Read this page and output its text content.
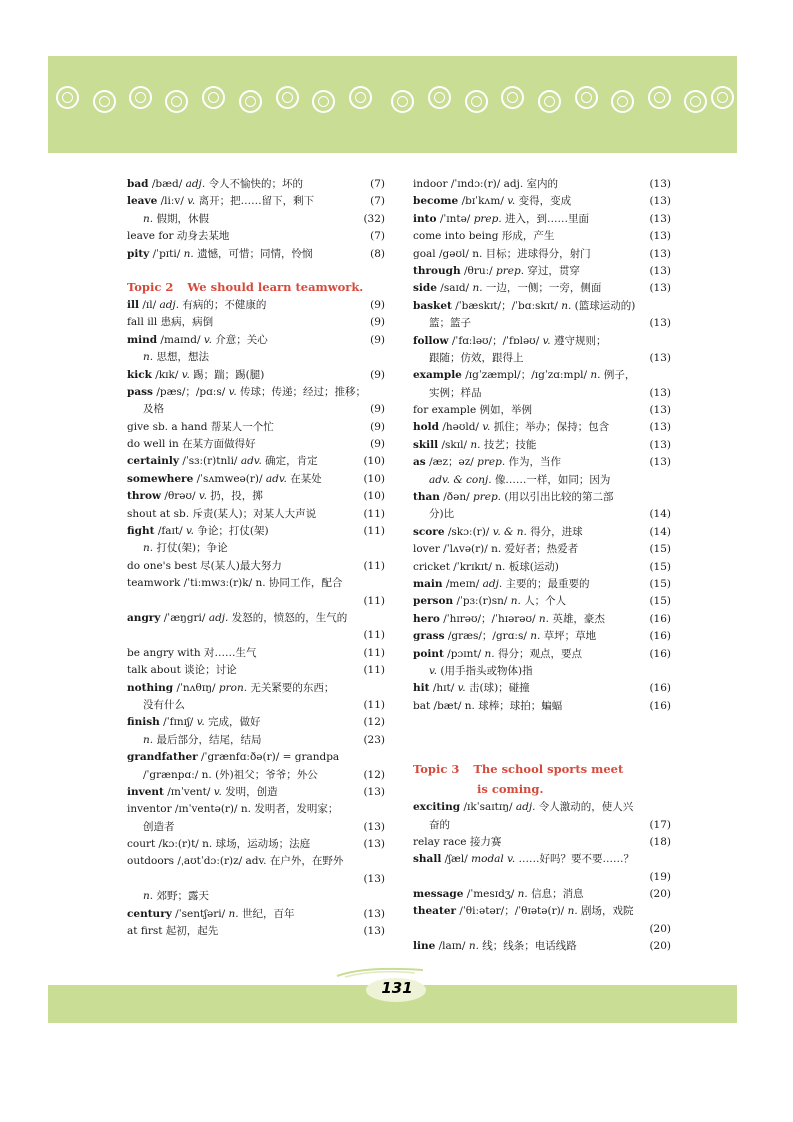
bad /bæd/ adj. 令人不愉快的；坏的	(7)
leave /liːv/ v. 离开；把……留下，剩下	(7)
n. 假期，休假	(32)
leave for 动身去某地	(7)
pity /ˈpɪti/ n. 遗憾，可惜；同情，怜悯	(8)
Topic 2 We should learn teamwork.
ill /ɪl/ adj. 有病的；不健康的	(9)
fall ill 患病，病倒	(9)
mind /maɪnd/ v. 介意；关心	(9)
n. 思想，想法
kick /kɪk/ v. 踢；踹；踢(腿)	(9)
pass /pæs/；/pɑːs/ v. 传球；传递；经过；推移；
及格	(9)
give sb. a hand 帮某人一个忙	(9)
do well in 在某方面做得好	(9)
certainly /ˈsɜː(r)tnli/ adv. 确定，肯定	(10)
somewhere /ˈsʌmweə(r)/ adv. 在某处	(10)
throw /θrəʊ/ v. 扔，投，掷	(10)
shout at sb. 斥责(某人)；对某人大声说	(11)
fight /faɪt/ v. 争论；打仗(架)	(11)
n. 打仗(架)；争论
do one's best 尽(某人)最大努力	(11)
teamwork /ˈtiːmwɜː(r)k/ n. 协同工作，配合
(11)
angry /ˈæŋgri/ adj. 发怒的，愤怒的，生气的
(11)
be angry with 对……生气	(11)
talk about 谈论；讨论	(11)
nothing /ˈnʌθɪŋ/ pron. 无关紧要的东西；
没有什么	(11)
finish /ˈfɪnɪʃ/ v. 完成，做好	(12)
n. 最后部分，结尾，结局	(23)
grandfather /ˈgrænfɑːðə(r)/ = grandpa
/ˈgrænpɑː/ n. (外)祖父；爷爷；外公	(12)
invent /ɪnˈvent/ v. 发明，创造	(13)
inventor /ɪnˈventə(r)/ n. 发明者，发明家；
创造者	(13)
court /kɔː(r)t/ n. 球场，运动场；法庭	(13)
outdoors /ˌaʊtˈdɔː(r)z/ adv. 在户外，在野外
(13)
n. 郊野；露天
century /ˈsentʃəri/ n. 世纪，百年	(13)
at first 起初，起先	(13)
indoor /ˈɪndɔː(r)/ adj. 室内的	(13)
become /bɪˈkʌm/ v. 变得，变成	(13)
into /ˈɪntə/ prep. 进入，到……里面	(13)
come into being 形成，产生	(13)
goal /gəʊl/ n. 目标；进球得分，射门	(13)
through /θruː/ prep. 穿过，贯穿	(13)
side /saɪd/ n. 一边，一侧；一旁，侧面	(13)
basket /ˈbæskɪt/；/ˈbɑːskɪt/ n. (篮球运动的)
篮；篮子	(13)
follow /ˈfɑːləʊ/；/ˈfɒləʊ/ v. 遵守规则；
跟随；仿效，跟得上	(13)
example /ɪgˈzæmpl/；/ɪgˈzɑːmpl/ n. 例子，
实例；样品	(13)
for example 例如，举例	(13)
hold /həʊld/ v. 抓住；举办；保持；包含	(13)
skill /skɪl/ n. 技艺；技能	(13)
as /æz；əz/ prep. 作为，当作	(13)
adv. & conj. 像……一样，如同；因为
than /ðən/ prep. (用以引出比较的第二部
分)比	(14)
score /skɔː(r)/ v. & n. 得分，进球	(14)
lover /ˈlʌvə(r)/ n. 爱好者；热爱者	(15)
cricket /ˈkrɪkɪt/ n. 板球(运动)	(15)
main /meɪn/ adj. 主要的；最重要的	(15)
person /ˈpɜː(r)sn/ n. 人；个人	(15)
hero /ˈhɪrəʊ/；/ˈhɪərəʊ/ n. 英雄，豪杰	(16)
grass /græs/；/grɑːs/ n. 草坪；草地	(16)
point /pɔɪnt/ n. 得分；观点，要点	(16)
v. (用手指头或物体)指
hit /hɪt/ v. 击(球)；碰撞	(16)
bat /bæt/ n. 球棒；球拍；蝙蝠	(16)
Topic 3 The school sports meet
is coming.
exciting /ɪkˈsaɪtɪŋ/ adj. 令人激动的，使人兴
奋的	(17)
relay race 接力赛	(18)
shall /ʃæl/ modal v. ……好吗？要不要……？
(19)
message /ˈmesɪdʒ/ n. 信息；消息	(20)
theater /ˈθiːətər/；/ˈθɪətə(r)/ n. 剧场，戏院
(20)
line /laɪn/ n. 线；线条；电话线路	(20)
131
